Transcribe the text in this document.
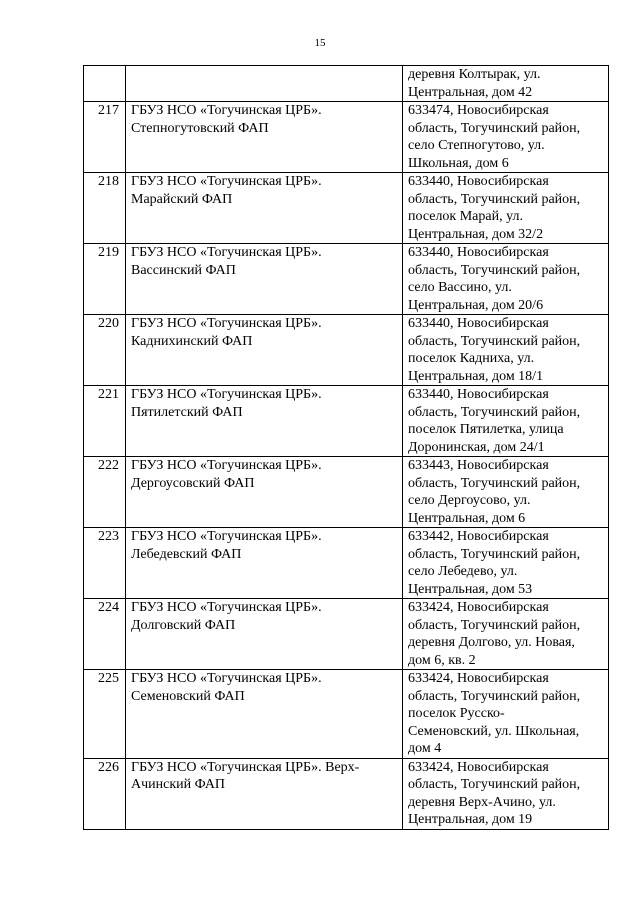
15

		деревня Колтырак, ул.
Центральная, дом 42

217	ГБУЗ НСО «Тогучинская ЦРБ».
Степногутовский ФАП	633474, Новосибирская
область, Тогучинский район,
село Степногутово, ул.
Школьная, дом 6

218	ГБУЗ НСО «Тогучинская ЦРБ».
Марайский ФАП	633440, Новосибирская
область, Тогучинский район,
поселок Марай, ул.
Центральная, дом 32/2

219	ГБУЗ НСО «Тогучинская ЦРБ».
Вассинский ФАП	633440, Новосибирская
область, Тогучинский район,
село Вассино, ул.
Центральная, дом 20/6

220	ГБУЗ НСО «Тогучинская ЦРБ».
Каднихинский ФАП	633440, Новосибирская
область, Тогучинский район,
поселок Кадниха, ул.
Центральная, дом 18/1

221	ГБУЗ НСО «Тогучинская ЦРБ».
Пятилетский ФАП	633440, Новосибирская
область, Тогучинский район,
поселок Пятилетка, улица
Доронинская, дом 24/1

222	ГБУЗ НСО «Тогучинская ЦРБ».
Дергоусовский ФАП	633443, Новосибирская
область, Тогучинский район,
село Дергоусово, ул.
Центральная, дом 6

223	ГБУЗ НСО «Тогучинская ЦРБ».
Лебедевский ФАП	633442, Новосибирская
область, Тогучинский район,
село Лебедево, ул.
Центральная, дом 53

224	ГБУЗ НСО «Тогучинская ЦРБ».
Долговский ФАП	633424, Новосибирская
область, Тогучинский район,
деревня Долгово, ул. Новая,
дом 6, кв. 2

225	ГБУЗ НСО «Тогучинская ЦРБ».
Семеновский ФАП	633424, Новосибирская
область, Тогучинский район,
поселок Русско-
Семеновский, ул. Школьная,
дом 4

226	ГБУЗ НСО «Тогучинская ЦРБ». Верх-
Ачинский ФАП	633424, Новосибирская
область, Тогучинский район,
деревня Верх-Ачино, ул.
Центральная, дом 19
